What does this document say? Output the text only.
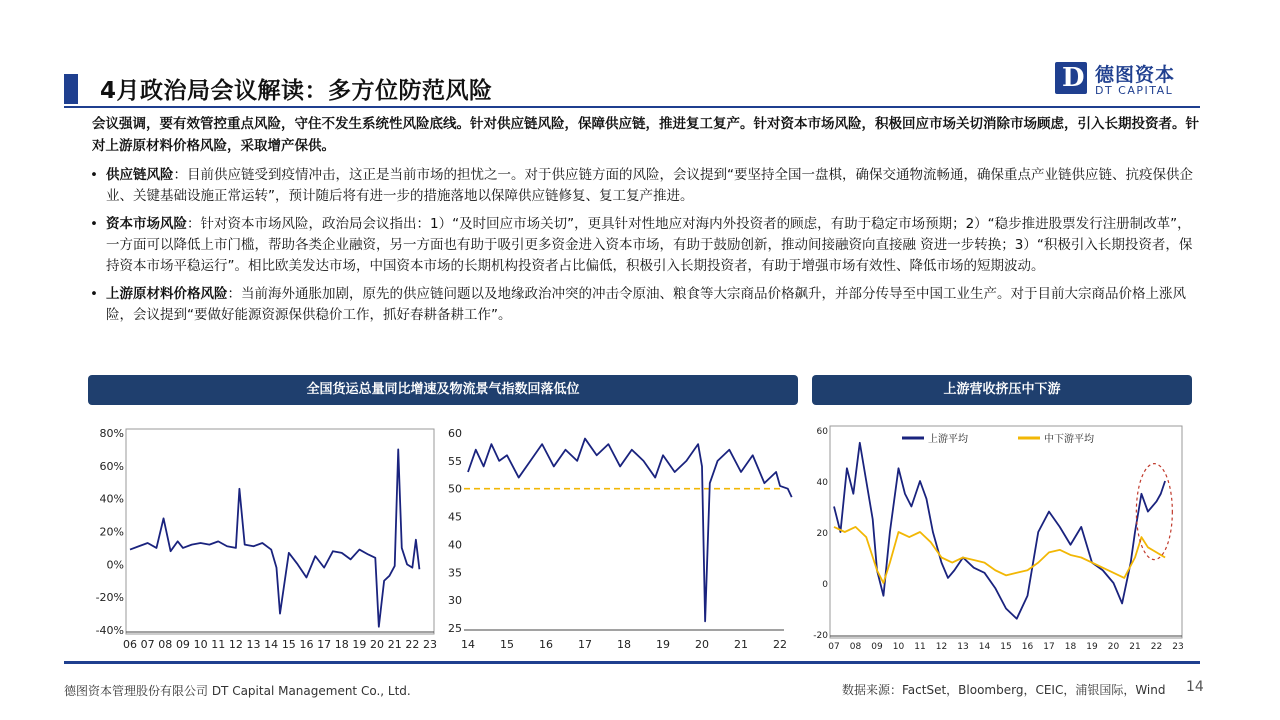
4月政治局会议解读：多方位防范风险	D 德图资本
DT CAPITAL
会议强调，要有效管控重点风险，守住不发生系统性风险底线。针对供应链风险，保障供应链，推进复工复产。针对资本市场风险，积极回应市场关切消除市场顾虑，引入长期投资者。针对上游原材料价格风险，采取增产保供。
• 供应链风险：目前供应链受到疫情冲击，这正是当前市场的担忧之一。对于供应链方面的风险，会议提到“要坚持全国一盘棋，确保交通物流畅通，确保重点产业链供应链、抗疫保供企业、关键基础设施正常运转”，预计随后将有进一步的措施落地以保障供应链修复、复工复产推进。
• 资本市场风险：针对资本市场风险，政治局会议指出：1）“及时回应市场关切”，更具针对性地应对海内外投资者的顾虑，有助于稳定市场预期；2）“稳步推进股票发行注册制改革”，一方面可以降低上市门槛，帮助各类企业融资，另一方面也有助于吸引更多资金进入资本市场，有助于鼓励创新，推动间接融资向直接融 资进一步转换；3）“积极引入长期投资者，保持资本市场平稳运行”。相比欧美发达市场，中国资本市场的长期机构投资者占比偏低，积极引入长期投资者，有助于增强市场有效性、降低市场的短期波动。
• 上游原材料价格风险：当前海外通胀加剧，原先的供应链问题以及地缘政治冲突的冲击令原油、粮食等大宗商品价格飙升，并部分传导至中国工业生产。对于目前大宗商品价格上涨风险，会议提到“要做好能源资源保供稳价工作，抓好春耕备耕工作”。
全国货运总量同比增速及物流景气指数回落低位	上游营收挤压中下游
80%
60%
40%
20%
0%
-20%
-40%
06 07 08 09 10 11 12 13 14 15 16 17 18 19 20 21 22 23
60
55
50
45
40
35
30
25
14 15 16 17 18 19 20 21 22
60
40
20
0
-20
07 08 09 10 11 12 13 14 15 16 17 18 19 20 21 22 23
上游平均	中下游平均
德图资本管理股份有限公司 DT Capital Management Co., Ltd.	数据来源：FactSet，Bloomberg，CEIC，浦银国际，Wind 14
